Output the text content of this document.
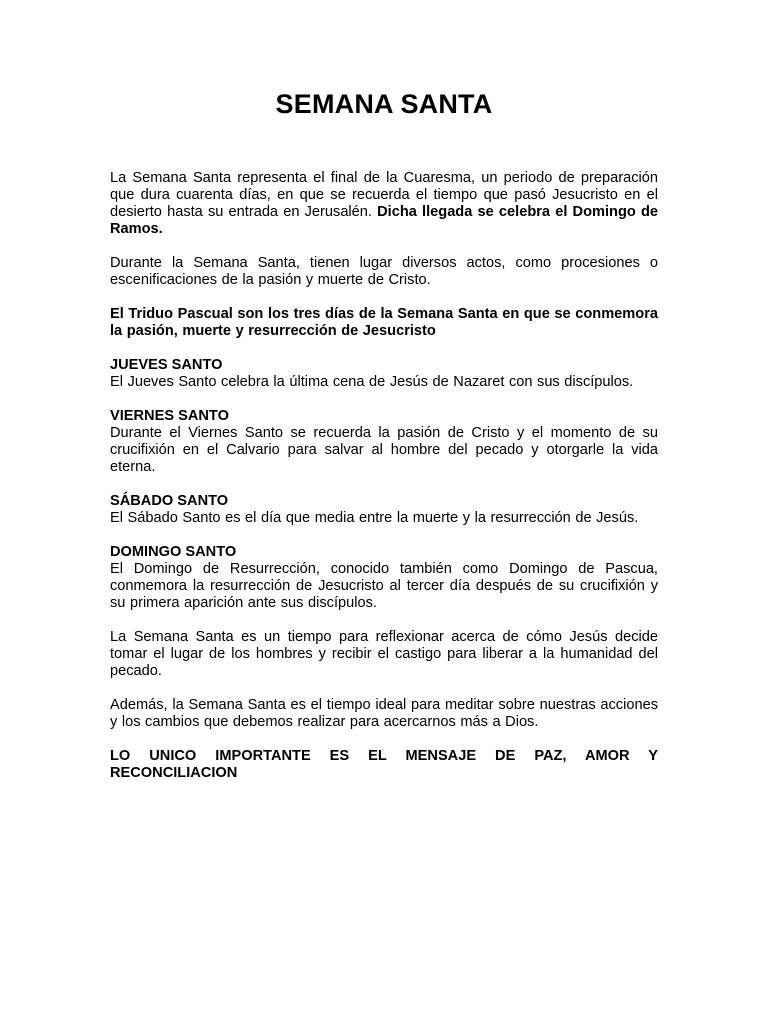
SEMANA SANTA

La Semana Santa representa el final de la Cuaresma, un periodo de preparación que dura cuarenta días, en que se recuerda el tiempo que pasó Jesucristo en el desierto hasta su entrada en Jerusalén. Dicha llegada se celebra el Domingo de Ramos.

Durante la Semana Santa, tienen lugar diversos actos, como procesiones o escenificaciones de la pasión y muerte de Cristo.

El Triduo Pascual son los tres días de la Semana Santa en que se conmemora la pasión, muerte y resurrección de Jesucristo

JUEVES SANTO

El Jueves Santo celebra la última cena de Jesús de Nazaret con sus discípulos.

VIERNES SANTO

Durante el Viernes Santo se recuerda la pasión de Cristo y el momento de su crucifixión en el Calvario para salvar al hombre del pecado y otorgarle la vida eterna.

SÁBADO SANTO

El Sábado Santo es el día que media entre la muerte y la resurrección de Jesús.

DOMINGO SANTO

El Domingo de Resurrección, conocido también como Domingo de Pascua, conmemora la resurrección de Jesucristo al tercer día después de su crucifixión y su primera aparición ante sus discípulos.

La Semana Santa es un tiempo para reflexionar acerca de cómo Jesús decide tomar el lugar de los hombres y recibir el castigo para liberar a la humanidad del pecado.

Además, la Semana Santa es el tiempo ideal para meditar sobre nuestras acciones y los cambios que debemos realizar para acercarnos más a Dios.

LO UNICO IMPORTANTE ES EL MENSAJE DE PAZ, AMOR Y

RECONCILIACION
